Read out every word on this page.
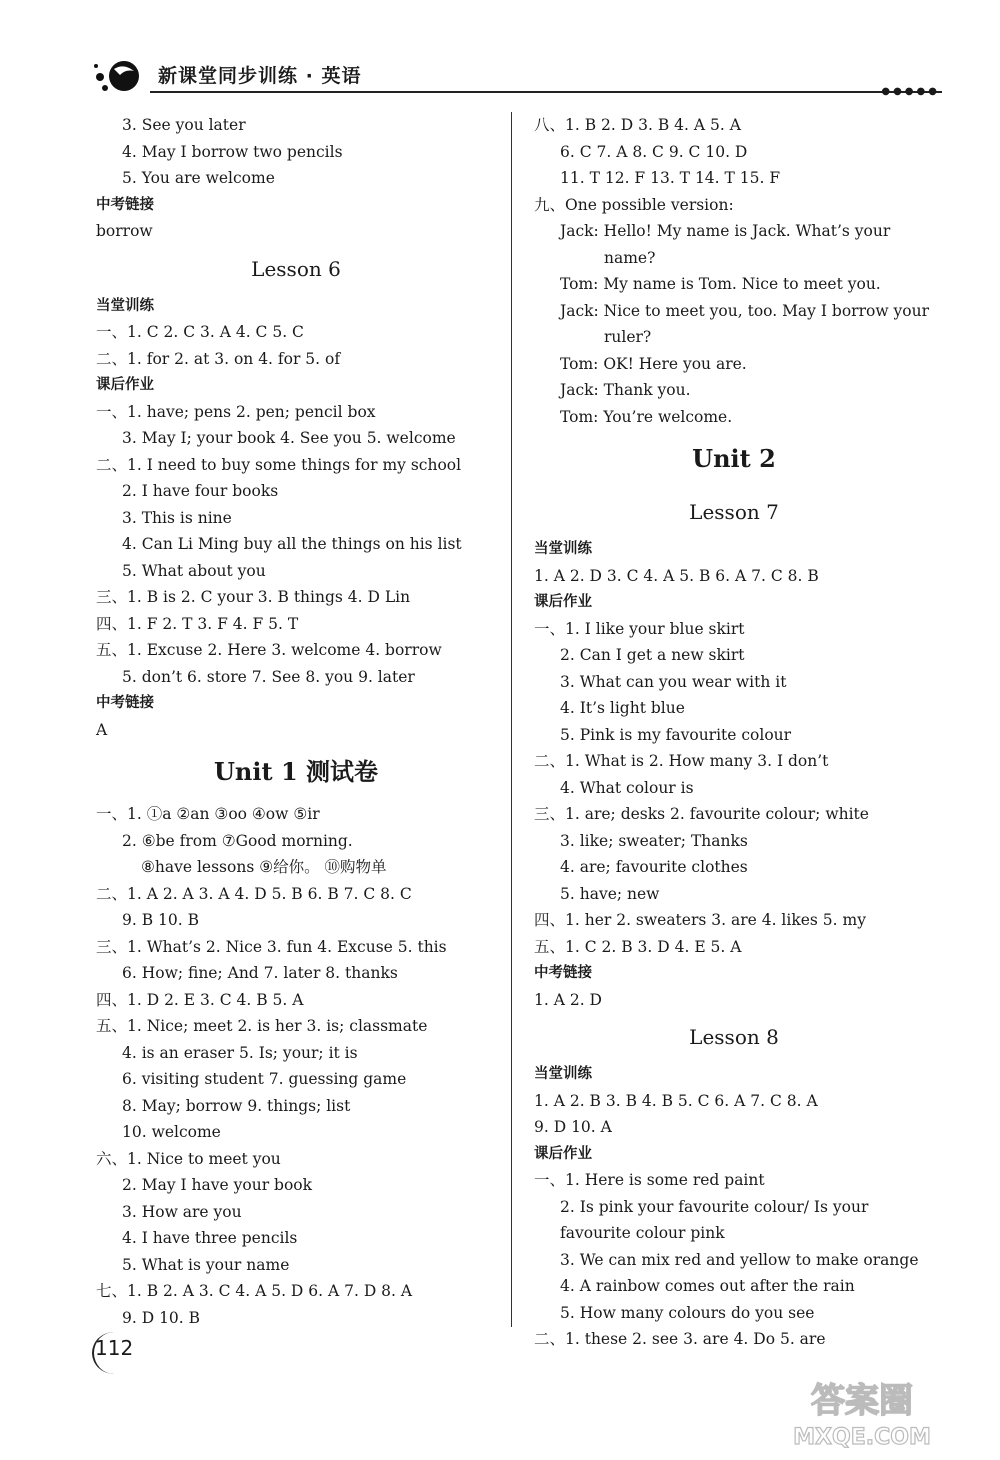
新课堂同步训练 · 英语
●●●●●
3. See you later
4. May I borrow two pencils
5. You are welcome
中考链接
borrow
Lesson 6
当堂训练
一、1. C 2. C 3. A 4. C 5. C
二、1. for 2. at 3. on 4. for 5. of
课后作业
一、1. have; pens 2. pen; pencil box
3. May I; your book 4. See you 5. welcome
二、1. I need to buy some things for my school
2. I have four books
3. This is nine
4. Can Li Ming buy all the things on his list
5. What about you
三、1. B is 2. C your 3. B things 4. D Lin
四、1. F 2. T 3. F 4. F 5. T
五、1. Excuse 2. Here 3. welcome 4. borrow
5. don’t 6. store 7. See 8. you 9. later
中考链接
A
Unit 1 测试卷
一、1. ①a ②an ③oo ④ow ⑤ir
2. ⑥be from ⑦Good morning.
⑧have lessons ⑨给你。 ⑩购物单
二、1. A 2. A 3. A 4. D 5. B 6. B 7. C 8. C
9. B 10. B
三、1. What’s 2. Nice 3. fun 4. Excuse 5. this
6. How; fine; And 7. later 8. thanks
四、1. D 2. E 3. C 4. B 5. A
五、1. Nice; meet 2. is her 3. is; classmate
4. is an eraser 5. Is; your; it is
6. visiting student 7. guessing game
8. May; borrow 9. things; list
10. welcome
六、1. Nice to meet you
2. May I have your book
3. How are you
4. I have three pencils
5. What is your name
七、1. B 2. A 3. C 4. A 5. D 6. A 7. D 8. A
9. D 10. B
八、1. B 2. D 3. B 4. A 5. A
6. C 7. A 8. C 9. C 10. D
11. T 12. F 13. T 14. T 15. F
九、One possible version:
Jack: Hello! My name is Jack. What’s your name?
Tom: My name is Tom. Nice to meet you.
Jack: Nice to meet you, too. May I borrow your ruler?
Tom: OK! Here you are.
Jack: Thank you.
Tom: You’re welcome.
Unit 2
Lesson 7
当堂训练
1. A 2. D 3. C 4. A 5. B 6. A 7. C 8. B
课后作业
一、1. I like your blue skirt
2. Can I get a new skirt
3. What can you wear with it
4. It’s light blue
5. Pink is my favourite colour
二、1. What is 2. How many 3. I don’t
4. What colour is
三、1. are; desks 2. favourite colour; white
3. like; sweater; Thanks
4. are; favourite clothes
5. have; new
四、1. her 2. sweaters 3. are 4. likes 5. my
五、1. C 2. B 3. D 4. E 5. A
中考链接
1. A 2. D
Lesson 8
当堂训练
1. A 2. B 3. B 4. B 5. C 6. A 7. C 8. A
9. D 10. A
课后作业
一、1. Here is some red paint
2. Is pink your favourite colour/ Is your favourite colour pink
3. We can mix red and yellow to make orange
4. A rainbow comes out after the rain
5. How many colours do you see
二、1. these 2. see 3. are 4. Do 5. are
112
答案圈
MXQE.COM
